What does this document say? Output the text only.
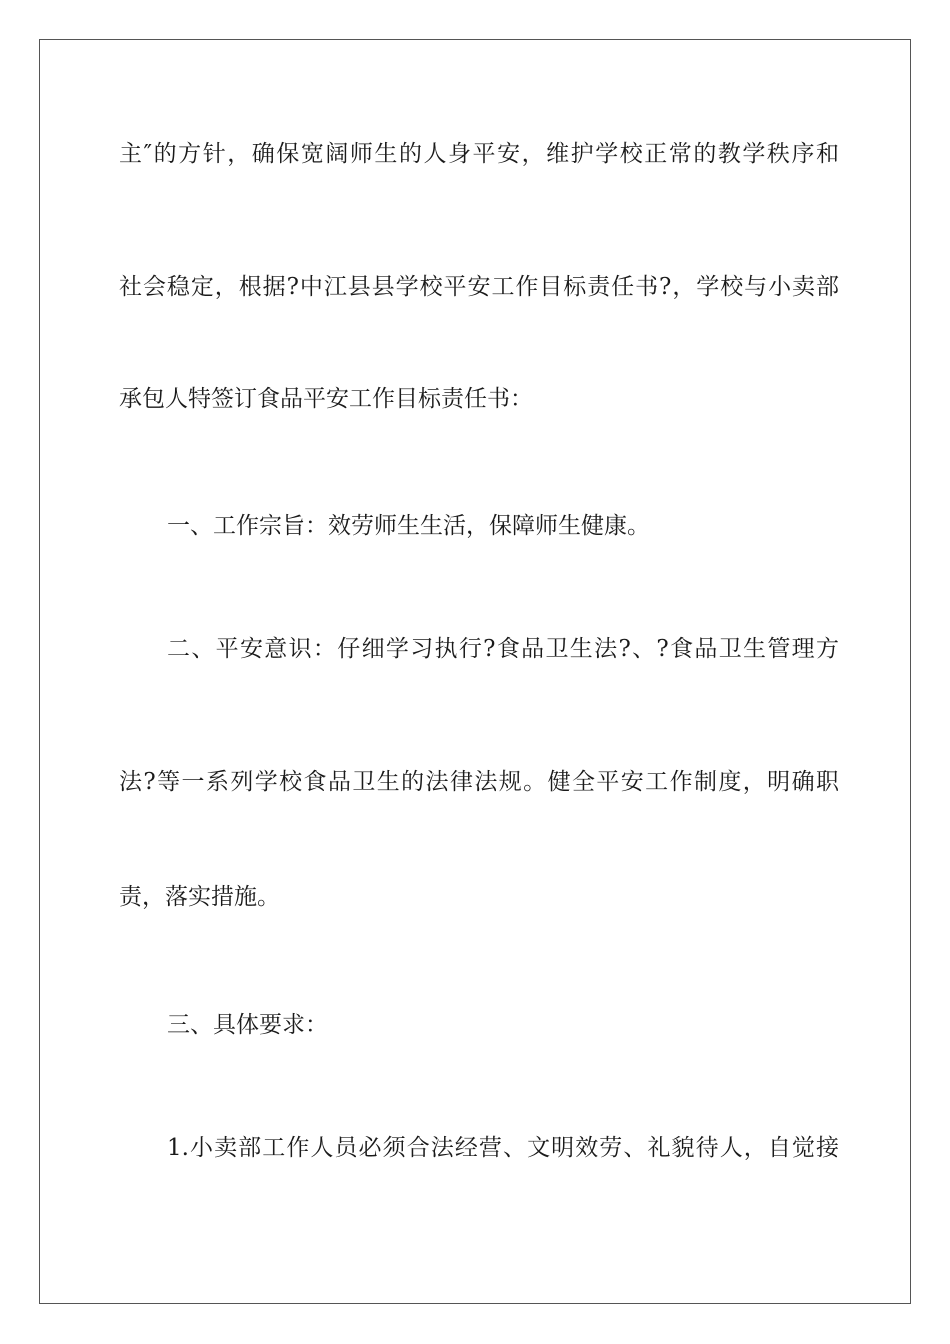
主″的方针，确保宽阔师生的人身平安，维护学校正常的教学秩序和
社会稳定，根据?中江县县学校平安工作目标责任书?，学校与小卖部
承包人特签订食品平安工作目标责任书：
一、工作宗旨：效劳师生生活，保障师生健康。
二、平安意识：仔细学习执行?食品卫生法?、?食品卫生管理方
法?等一系列学校食品卫生的法律法规。健全平安工作制度，明确职
责，落实措施。
三、具体要求：
1.小卖部工作人员必须合法经营、文明效劳、礼貌待人，自觉接
